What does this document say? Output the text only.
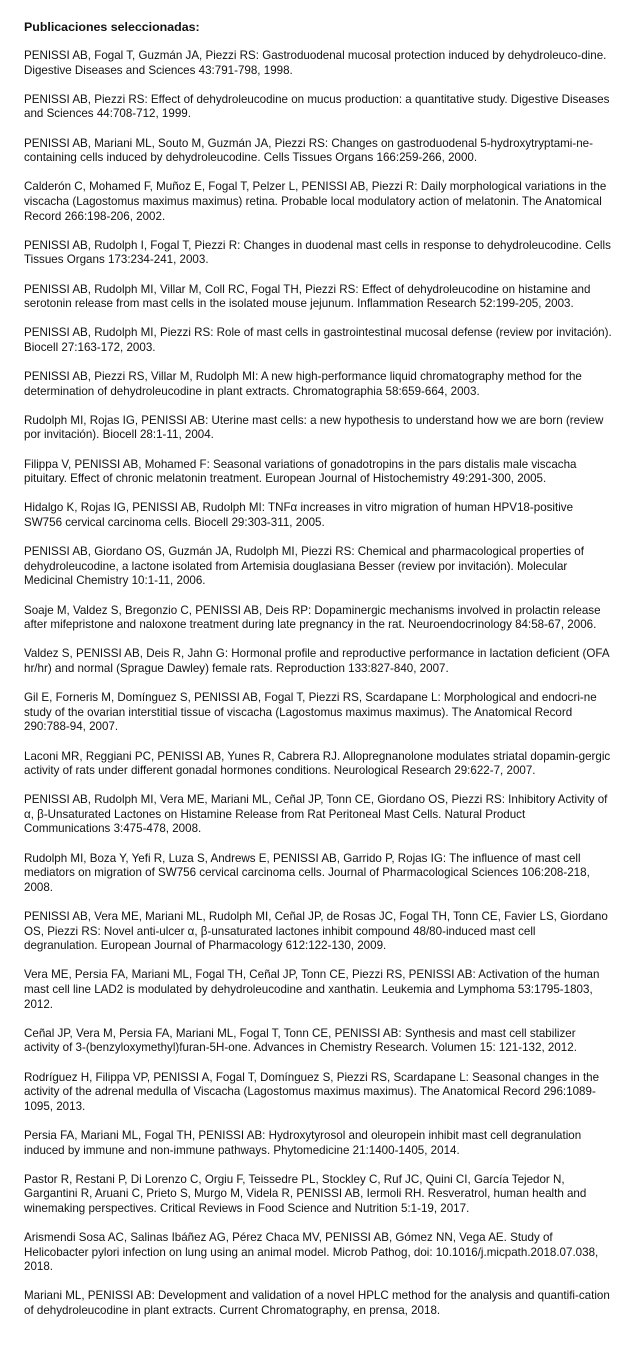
Publicaciones seleccionadas:
PENISSI AB, Fogal T, Guzmán JA, Piezzi RS: Gastroduodenal mucosal protection induced by dehydroleuco-dine. Digestive Diseases and Sciences 43:791-798, 1998.
PENISSI AB, Piezzi RS: Effect of dehydroleucodine on mucus production: a quantitative study. Digestive Diseases and Sciences 44:708-712, 1999.
PENISSI AB, Mariani ML, Souto M, Guzmán JA, Piezzi RS: Changes on gastroduodenal 5-hydroxytryptami-ne-containing cells induced by dehydroleucodine. Cells Tissues Organs 166:259-266, 2000.
Calderón C, Mohamed F, Muñoz E, Fogal T, Pelzer L, PENISSI AB, Piezzi R: Daily morphological variations in the viscacha (Lagostomus maximus maximus) retina. Probable local modulatory action of melatonin. The Anatomical Record 266:198-206, 2002.
PENISSI AB, Rudolph I, Fogal T, Piezzi R: Changes in duodenal mast cells in response to dehydroleucodine. Cells Tissues Organs 173:234-241, 2003.
PENISSI AB, Rudolph MI, Villar M, Coll RC, Fogal TH, Piezzi RS: Effect of dehydroleucodine on histamine and serotonin release from mast cells in the isolated mouse jejunum. Inflammation Research 52:199-205, 2003.
PENISSI AB, Rudolph MI, Piezzi RS: Role of mast cells in gastrointestinal mucosal defense (review por invitación). Biocell 27:163-172, 2003.
PENISSI AB, Piezzi RS, Villar M, Rudolph MI: A new high-performance liquid chromatography method for the determination of dehydroleucodine in plant extracts. Chromatographia 58:659-664, 2003.
Rudolph MI, Rojas IG, PENISSI AB: Uterine mast cells: a new hypothesis to understand how we are born (review por invitación). Biocell 28:1-11, 2004.
Filippa V, PENISSI AB, Mohamed F: Seasonal variations of gonadotropins in the pars distalis male viscacha pituitary. Effect of chronic melatonin treatment. European Journal of Histochemistry 49:291-300, 2005.
Hidalgo K, Rojas IG, PENISSI AB, Rudolph MI: TNFα increases in vitro migration of human HPV18-positive SW756 cervical carcinoma cells. Biocell 29:303-311, 2005.
PENISSI AB, Giordano OS, Guzmán JA, Rudolph MI, Piezzi RS: Chemical and pharmacological properties of dehydroleucodine, a lactone isolated from Artemisia douglasiana Besser (review por invitación). Molecular Medicinal Chemistry 10:1-11, 2006.
Soaje M, Valdez S, Bregonzio C, PENISSI AB, Deis RP: Dopaminergic mechanisms involved in prolactin release after mifepristone and naloxone treatment during late pregnancy in the rat. Neuroendocrinology 84:58-67, 2006.
Valdez S, PENISSI AB, Deis R, Jahn G: Hormonal profile and reproductive performance in lactation deficient (OFA hr/hr) and normal (Sprague Dawley) female rats. Reproduction 133:827-840, 2007.
Gil E, Forneris M, Domínguez S, PENISSI AB, Fogal T, Piezzi RS, Scardapane L: Morphological and endocri-ne study of the ovarian interstitial tissue of viscacha (Lagostomus maximus maximus). The Anatomical Record 290:788-94, 2007.
Laconi MR, Reggiani PC, PENISSI AB, Yunes R, Cabrera RJ. Allopregnanolone modulates striatal dopamin-gergic activity of rats under different gonadal hormones conditions. Neurological Research 29:622-7, 2007.
PENISSI AB, Rudolph MI, Vera ME, Mariani ML, Ceñal JP, Tonn CE, Giordano OS, Piezzi RS: Inhibitory Activity of α, β-Unsaturated Lactones on Histamine Release from Rat Peritoneal Mast Cells. Natural Product Communications 3:475-478, 2008.
Rudolph MI, Boza Y, Yefi R, Luza S, Andrews E, PENISSI AB, Garrido P, Rojas IG: The influence of mast cell mediators on migration of SW756 cervical carcinoma cells. Journal of Pharmacological Sciences 106:208-218, 2008.
PENISSI AB, Vera ME, Mariani ML, Rudolph MI, Ceñal JP, de Rosas JC, Fogal TH, Tonn CE, Favier LS, Giordano OS, Piezzi RS: Novel anti-ulcer α, β-unsaturated lactones inhibit compound 48/80-induced mast cell degranulation. European Journal of Pharmacology 612:122-130, 2009.
Vera ME, Persia FA, Mariani ML, Fogal TH, Ceñal JP, Tonn CE, Piezzi RS, PENISSI AB: Activation of the human mast cell line LAD2 is modulated by dehydroleucodine and xanthatin. Leukemia and Lymphoma 53:1795-1803, 2012.
Ceñal JP, Vera M, Persia FA, Mariani ML, Fogal T, Tonn CE, PENISSI AB: Synthesis and mast cell stabilizer activity of 3-(benzyloxymethyl)furan-5H-one. Advances in Chemistry Research. Volumen 15: 121-132, 2012.
Rodríguez H, Filippa VP, PENISSI A, Fogal T, Domínguez S, Piezzi RS, Scardapane L: Seasonal changes in the activity of the adrenal medulla of Viscacha (Lagostomus maximus maximus). The Anatomical Record 296:1089-1095, 2013.
Persia FA, Mariani ML, Fogal TH, PENISSI AB: Hydroxytyrosol and oleuropein inhibit mast cell degranulation induced by immune and non-immune pathways. Phytomedicine 21:1400-1405, 2014.
Pastor R, Restani P, Di Lorenzo C, Orgiu F, Teissedre PL, Stockley C, Ruf JC, Quini CI, García Tejedor N, Gargantini R, Aruani C, Prieto S, Murgo M, Videla R, PENISSI AB, Iermoli RH. Resveratrol, human health and winemaking perspectives. Critical Reviews in Food Science and Nutrition 5:1-19, 2017.
Arismendi Sosa AC, Salinas Ibáñez AG, Pérez Chaca MV, PENISSI AB, Gómez NN, Vega AE. Study of Helicobacter pylori infection on lung using an animal model. Microb Pathog, doi: 10.1016/j.micpath.2018.07.038, 2018.
Mariani ML, PENISSI AB: Development and validation of a novel HPLC method for the analysis and quantifi-cation of dehydroleucodine in plant extracts. Current Chromatography, en prensa, 2018.
